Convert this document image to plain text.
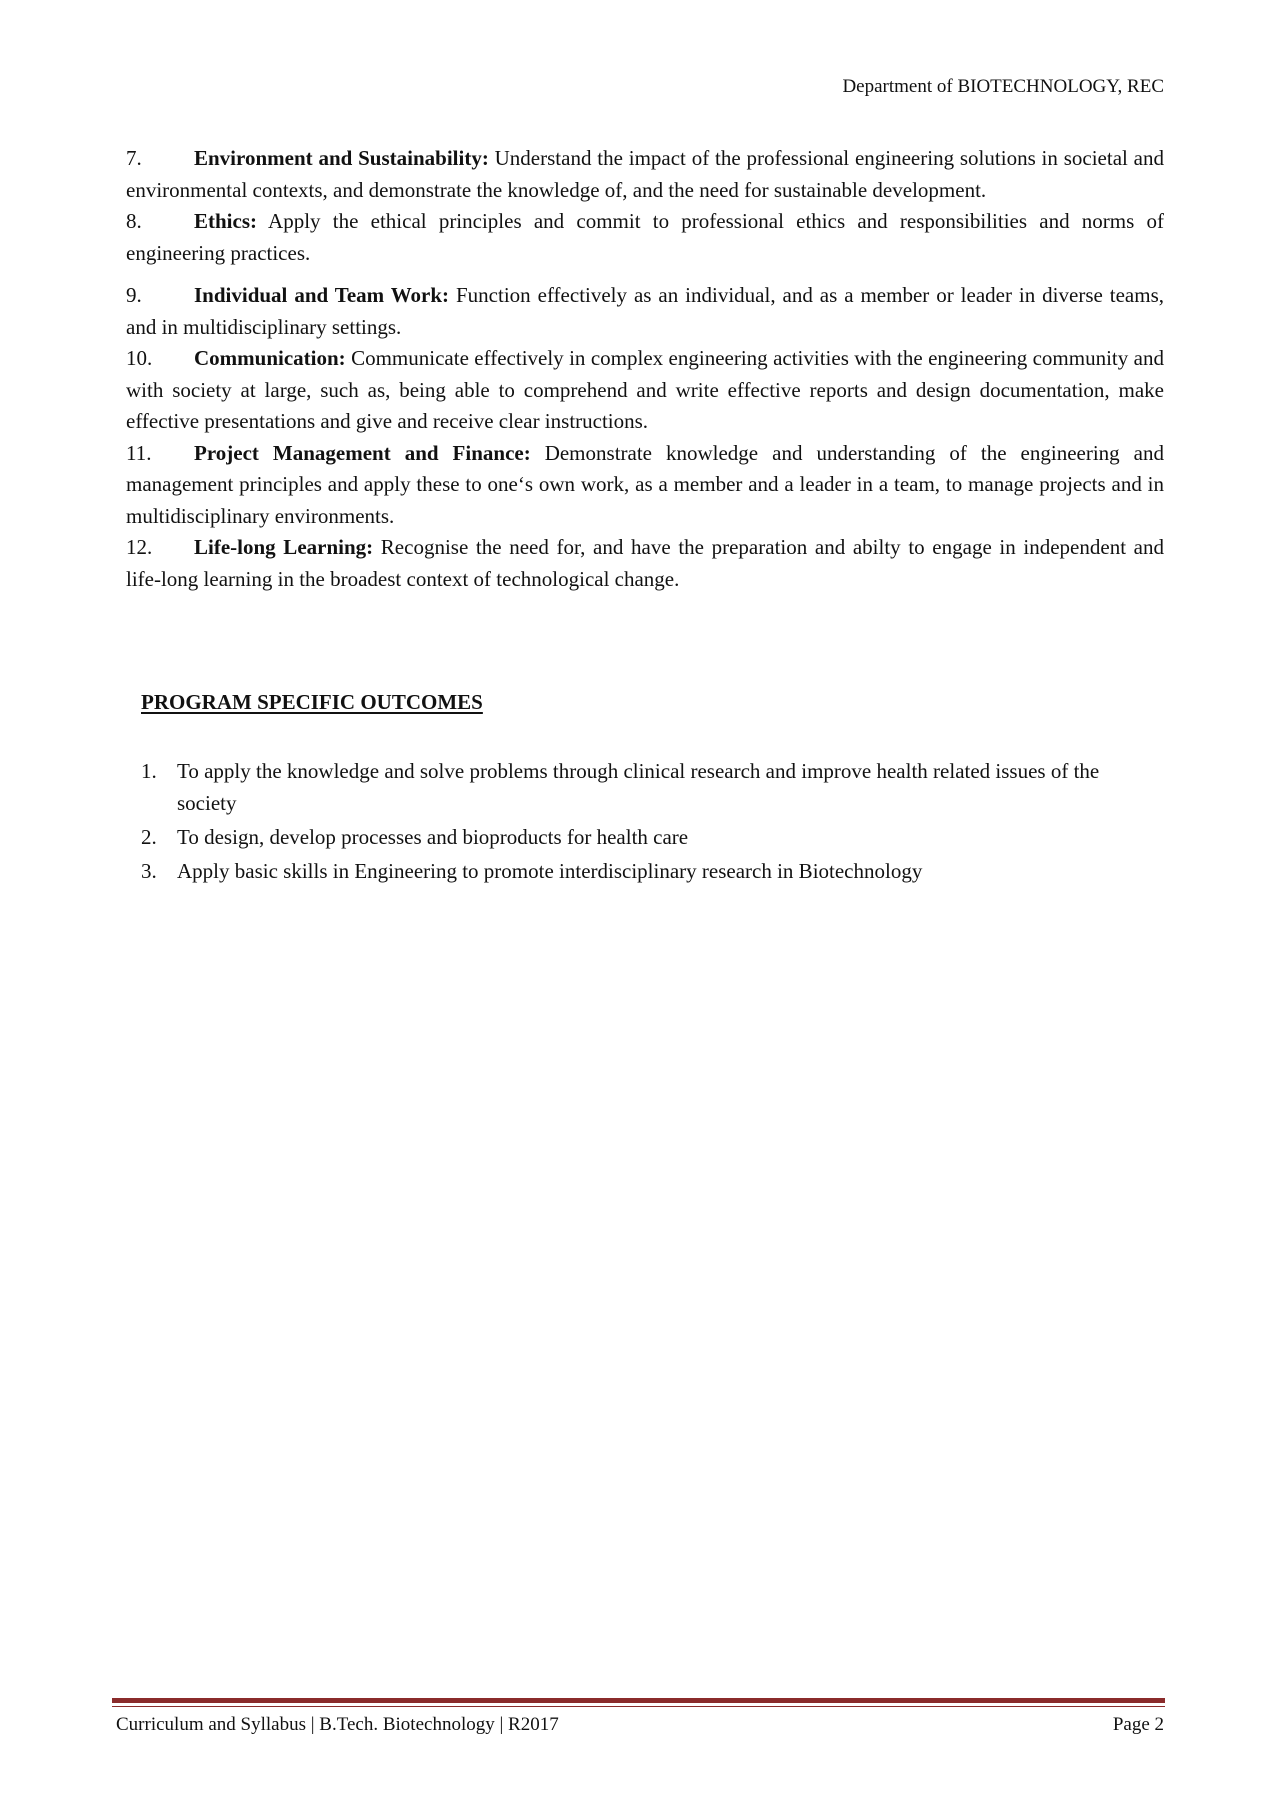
Department of BIOTECHNOLOGY, REC

7. Environment and Sustainability: Understand the impact of the professional engineering solutions in societal and environmental contexts, and demonstrate the knowledge of, and the need for sustainable development.

8. Ethics: Apply the ethical principles and commit to professional ethics and responsibilities and norms of engineering practices.

9. Individual and Team Work: Function effectively as an individual, and as a member or leader in diverse teams, and in multidisciplinary settings.

10. Communication: Communicate effectively in complex engineering activities with the engineering community and with society at large, such as, being able to comprehend and write effective reports and design documentation, make effective presentations and give and receive clear instructions.

11. Project Management and Finance: Demonstrate knowledge and understanding of the engineering and management principles and apply these to one‘s own work, as a member and a leader in a team, to manage projects and in multidisciplinary environments.

12. Life-long Learning: Recognise the need for, and have the preparation and abilty to engage in independent and life-long learning in the broadest context of technological change.

PROGRAM SPECIFIC OUTCOMES
1. To apply the knowledge and solve problems through clinical research and improve health related issues of the society
2. To design, develop processes and bioproducts for health care
3. Apply basic skills in Engineering to promote interdisciplinary research in Biotechnology
Curriculum and Syllabus | B.Tech. Biotechnology | R2017	Page 2
